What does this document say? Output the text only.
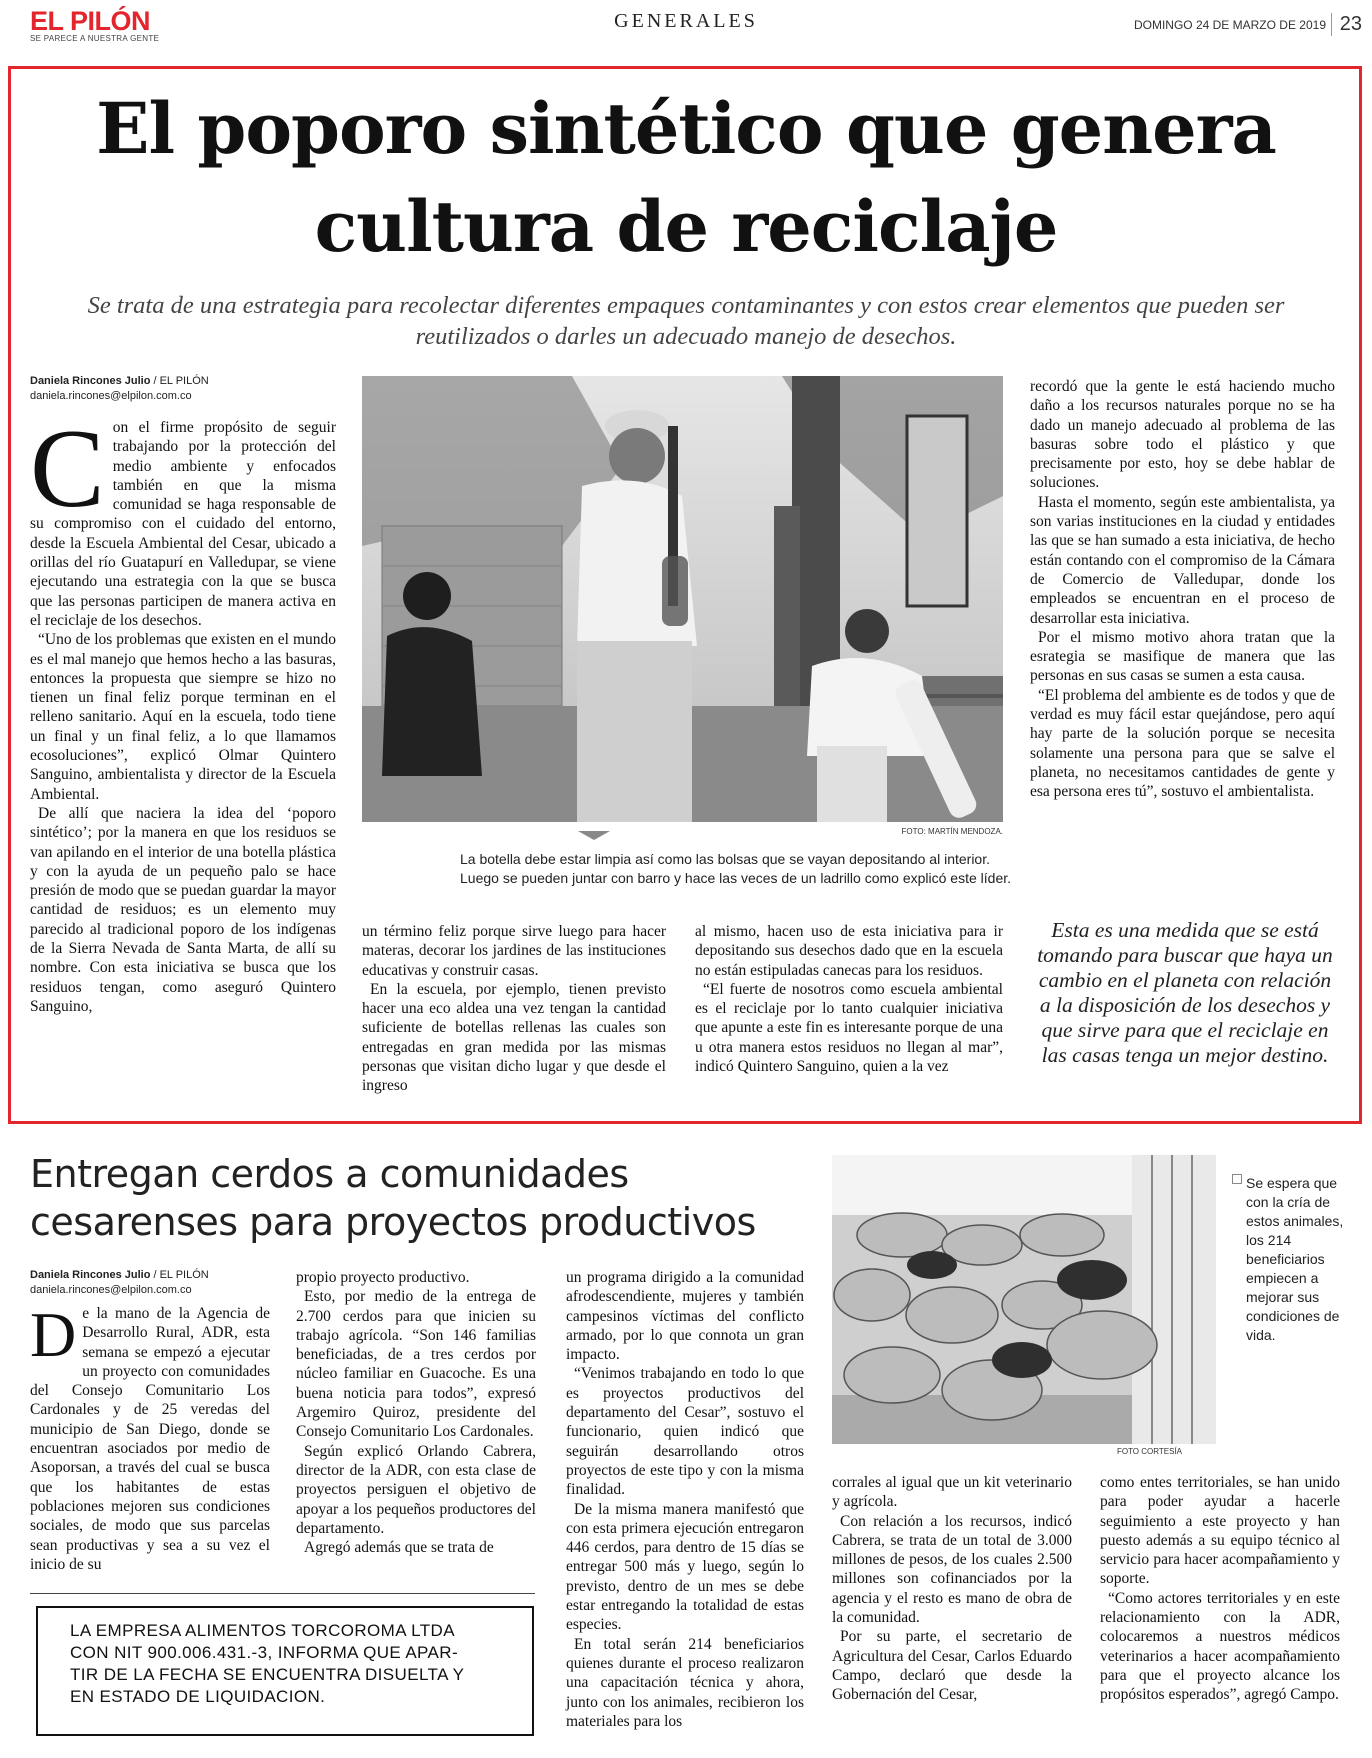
EL PILÓN
SE PARECE A NUESTRA GENTE
GENERALES	DOMINGO 24 DE MARZO DE 2019 23
El poporo sintético que genera
cultura de reciclaje
Se trata de una estrategia para recolectar diferentes empaques contaminantes y con estos crear elementos que pueden ser reutilizados o darles un adecuado manejo de desechos.
Daniela Rincones Julio / EL PILÓN
daniela.rincones@elpilon.com.co
C on el firme propósito de seguir trabajando por la protección del medio ambiente y enfocados también en que la misma comunidad se haga responsable de su compromiso con el cuidado del entorno, desde la Escuela Ambiental del Cesar, ubicado a orillas del río Guatapurí en Valledupar, se viene ejecutando una estrategia con la que se busca que las personas participen de manera activa en el reciclaje de los desechos.

“Uno de los problemas que existen en el mundo es el mal manejo que hemos hecho a las basuras, entonces la propuesta que siempre se hizo no tienen un final feliz porque terminan en el relleno sanitario. Aquí en la escuela, todo tiene un final y un final feliz, a lo que llamamos ecosoluciones”, explicó Olmar Quintero Sanguino, ambientalista y director de la Escuela Ambiental.

De allí que naciera la idea del ‘poporo sintético’; por la manera en que los residuos se van apilando en el interior de una botella plástica y con la ayuda de un pequeño palo se hace presión de modo que se puedan guardar la mayor cantidad de residuos; es un elemento muy parecido al tradicional poporo de los indígenas de la Sierra Nevada de Santa Marta, de allí su nombre. Con esta iniciativa se busca que los residuos tengan, como aseguró Quintero Sanguino,

FOTO: MARTÍN MENDOZA.
La botella debe estar limpia así como las bolsas que se vayan depositando al interior.
Luego se pueden juntar con barro y hace las veces de un ladrillo como explicó este líder.

un término feliz porque sirve luego para hacer materas, decorar los jardines de las instituciones educativas y construir casas.

En la escuela, por ejemplo, tienen previsto hacer una eco aldea una vez tengan la cantidad suficiente de botellas rellenas las cuales son entregadas en gran medida por las mismas personas que visitan dicho lugar y que desde el ingreso

al mismo, hacen uso de esta iniciativa para ir depositando sus desechos dado que en la escuela no están estipuladas canecas para los residuos.

“El fuerte de nosotros como escuela ambiental es el reciclaje por lo tanto cualquier iniciativa que apunte a este fin es interesante porque de una u otra manera estos residuos no llegan al mar”, indicó Quintero Sanguino, quien a la vez

recordó que la gente le está haciendo mucho daño a los recursos naturales porque no se ha dado un manejo adecuado al problema de las basuras sobre todo el plástico y que precisamente por esto, hoy se debe hablar de soluciones.

Hasta el momento, según este ambientalista, ya son varias instituciones en la ciudad y entidades las que se han sumado a esta iniciativa, de hecho están contando con el compromiso de la Cámara de Comercio de Valledupar, donde los empleados se encuentran en el proceso de desarrollar esta iniciativa.

Por el mismo motivo ahora tratan que la esrategia se masifique de manera que las personas en sus casas se sumen a esta causa.

“El problema del ambiente es de todos y que de verdad es muy fácil estar quejándose, pero aquí hay parte de la solución porque se necesita solamente una persona para que se salve el planeta, no necesitamos cantidades de gente y esa persona eres tú”, sostuvo el ambientalista.

Esta es una medida que se está tomando para buscar que haya un cambio en el planeta con relación a la disposición de los desechos y que sirve para que el reciclaje en las casas tenga un mejor destino.
Entregan cerdos a comunidades
cesarenses para proyectos productivos
Daniela Rincones Julio / EL PILÓN
daniela.rincones@elpilon.com.co
D e la mano de la Agencia de Desarrollo Rural, ADR, esta semana se empezó a ejecutar un proyecto con comunidades del Consejo Comunitario Los Cardonales y de 25 veredas del municipio de San Diego, donde se encuentran asociados por medio de Asoporsan, a través del cual se busca que los habitantes de estas poblaciones mejoren sus condiciones sociales, de modo que sus parcelas sean productivas y sea a su vez el inicio de su

propio proyecto productivo.

Esto, por medio de la entrega de 2.700 cerdos para que inicien su trabajo agrícola. “Son 146 familias beneficiadas, de a tres cerdos por núcleo familiar en Guacoche. Es una buena noticia para todos”, expresó Argemiro Quiroz, presidente del Consejo Comunitario Los Cardonales.

Según explicó Orlando Cabrera, director de la ADR, con esta clase de proyectos persiguen el objetivo de apoyar a los pequeños productores del departamento.

Agregó además que se trata de

un programa dirigido a la comunidad afrodescendiente, mujeres y también campesinos víctimas del conflicto armado, por lo que connota un gran impacto.

“Venimos trabajando en todo lo que es proyectos productivos del departamento del Cesar”, sostuvo el funcionario, quien indicó que seguirán desarrollando otros proyectos de este tipo y con la misma finalidad.

De la misma manera manifestó que con esta primera ejecución entregaron 446 cerdos, para dentro de 15 días se entregar 500 más y luego, según lo previsto, dentro de un mes se debe estar entregando la totalidad de estas especies.

En total serán 214 beneficiarios quienes durante el proceso realizaron una capacitación técnica y ahora, junto con los animales, recibieron los materiales para los

FOTO CORTESÍA
Se espera que con la cría de estos animales, los 214 beneficiarios empiecen a mejorar sus condiciones de vida.

corrales al igual que un kit veterinario y agrícola.

Con relación a los recursos, indicó Cabrera, se trata de un total de 3.000 millones de pesos, de los cuales 2.500 millones son cofinanciados por la agencia y el resto es mano de obra de la comunidad.

Por su parte, el secretario de Agricultura del Cesar, Carlos Eduardo Campo, declaró que desde la Gobernación del Cesar,

como entes territoriales, se han unido para poder ayudar a hacerle seguimiento a este proyecto y han puesto además a su equipo técnico al servicio para hacer acompañamiento y soporte.

“Como actores territoriales y en este relacionamiento con la ADR, colocaremos a nuestros médicos veterinarios a hacer acompañamiento para que el proyecto alcance los propósitos esperados”, agregó Campo.

LA EMPRESA ALIMENTOS TORCOROMA LTDA
CON NIT 900.006.431.-3, INFORMA QUE APAR-
TIR DE LA FECHA SE ENCUENTRA DISUELTA Y
EN ESTADO DE LIQUIDACION.
